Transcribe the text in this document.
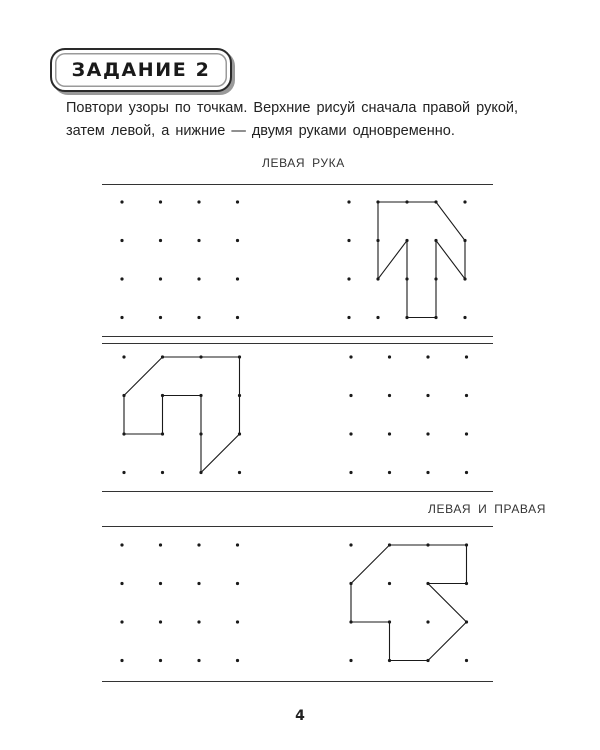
ЗАДАНИЕ 2
Повтори узоры по точкам. Верхние рисуй сначала правой рукой,
затем левой, а нижние — двумя руками одновременно.
ЛЕВАЯ РУКА
ЛЕВАЯ И ПРАВАЯ
4
